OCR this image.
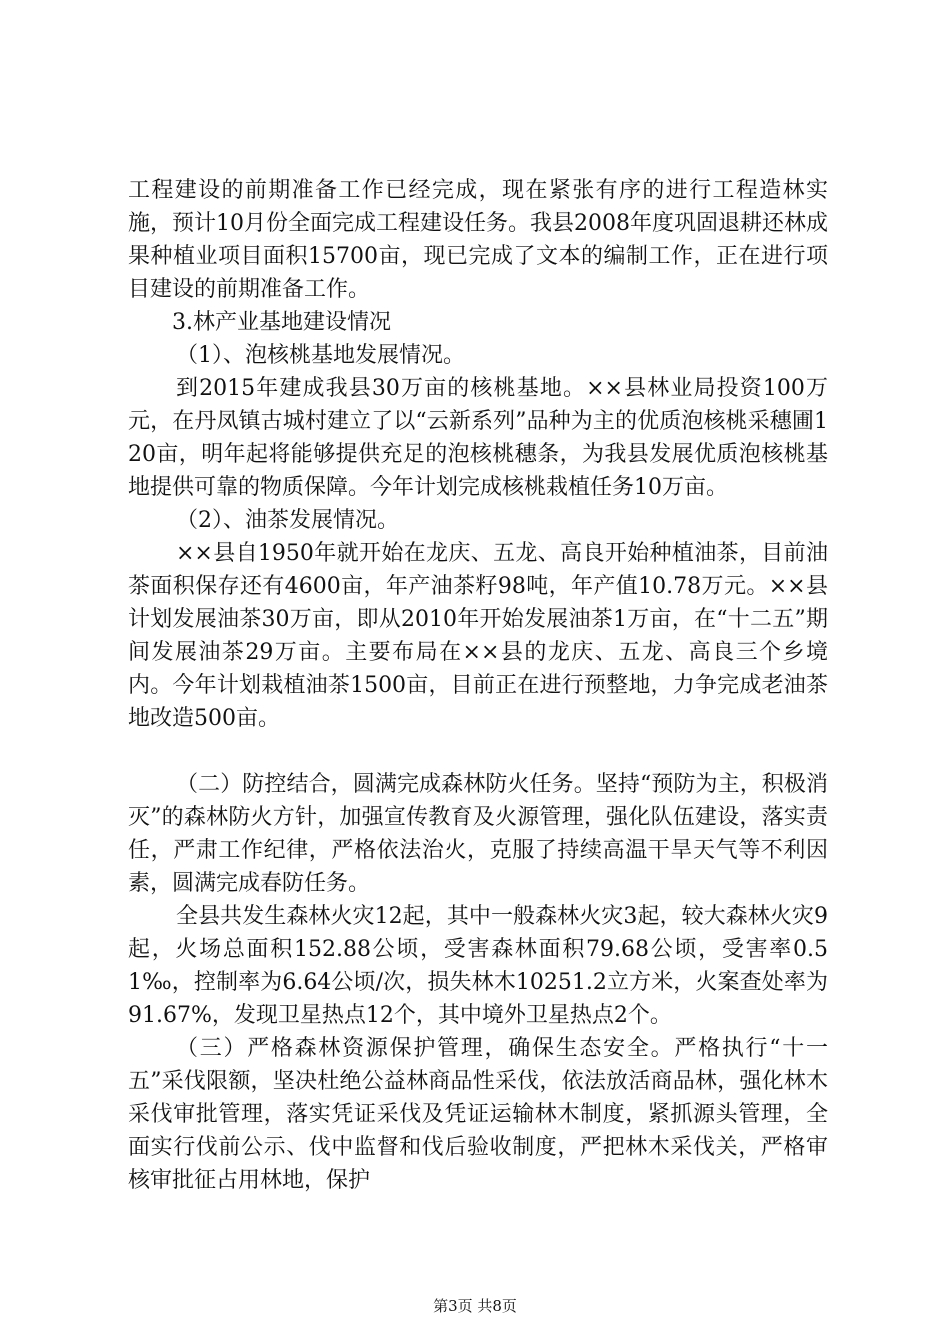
工程建设的前期准备工作已经完成，现在紧张有序的进行工程造林实施，预计10月份全面完成工程建设任务。我县2008年度巩固退耕还林成果种植业项目面积15700亩，现已完成了文本的编制工作，正在进行项目建设的前期准备工作。

3.林产业基地建设情况

（1）、泡核桃基地发展情况。

到2015年建成我县30万亩的核桃基地。××县林业局投资100万元，在丹凤镇古城村建立了以“云新系列”品种为主的优质泡核桃采穗圃120亩，明年起将能够提供充足的泡核桃穗条，为我县发展优质泡核桃基地提供可靠的物质保障。今年计划完成核桃栽植任务10万亩。

（2）、油茶发展情况。

××县自1950年就开始在龙庆、五龙、高良开始种植油茶，目前油茶面积保存还有4600亩，年产油茶籽98吨，年产值10.78万元。××县计划发展油茶30万亩，即从2010年开始发展油茶1万亩，在“十二五”期间发展油茶29万亩。主要布局在××县的龙庆、五龙、高良三个乡境内。今年计划栽植油茶1500亩，目前正在进行预整地，力争完成老油茶地改造500亩。

（二）防控结合，圆满完成森林防火任务。坚持“预防为主，积极消灭”的森林防火方针，加强宣传教育及火源管理，强化队伍建设，落实责任，严肃工作纪律，严格依法治火，克服了持续高温干旱天气等不利因素，圆满完成春防任务。

全县共发生森林火灾12起，其中一般森林火灾3起，较大森林火灾9起，火场总面积152.88公顷，受害森林面积79.68公顷，受害率0.51‰，控制率为6.64公顷/次，损失林木10251.2立方米，火案查处率为91.67%，发现卫星热点12个，其中境外卫星热点2个。

（三）严格森林资源保护管理，确保生态安全。严格执行“十一五”采伐限额，坚决杜绝公益林商品性采伐，依法放活商品林，强化林木采伐审批管理，落实凭证采伐及凭证运输林木制度，紧抓源头管理，全面实行伐前公示、伐中监督和伐后验收制度，严把林木采伐关，严格审核审批征占用林地，保护

第3页 共8页
